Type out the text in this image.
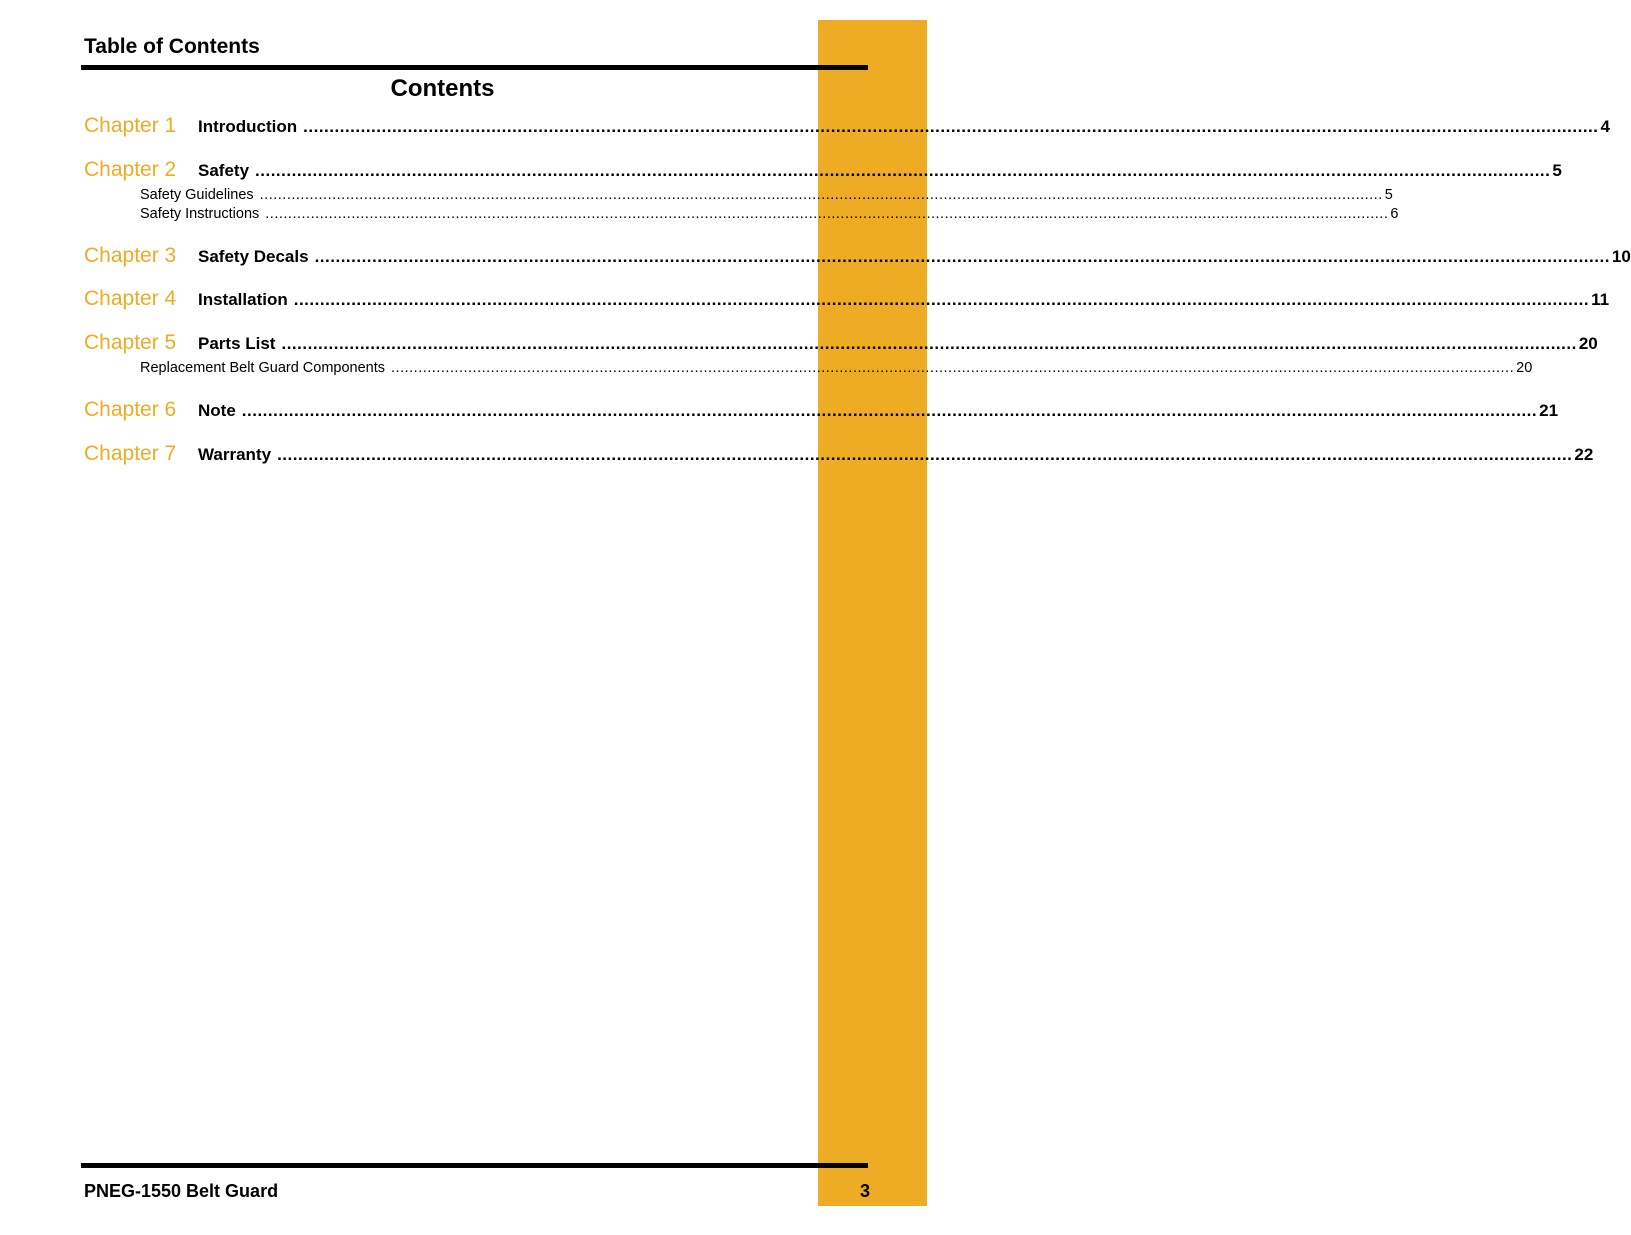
Table of Contents
Contents
Chapter 1	Introduction ........................................................................................................................................................................................................................................................ 4
Chapter 2	Safety ........................................................................................................................................................................................................................................................ 5
Safety Guidelines ........................................................................................................................................................................................................................................................ 5
Safety Instructions ........................................................................................................................................................................................................................................................ 6
Chapter 3	Safety Decals ........................................................................................................................................................................................................................................................ 10
Chapter 4	Installation ........................................................................................................................................................................................................................................................ 11
Chapter 5	Parts List ........................................................................................................................................................................................................................................................ 20
Replacement Belt Guard Components ........................................................................................................................................................................................................................................................ 20
Chapter 6	Note ........................................................................................................................................................................................................................................................ 21
Chapter 7	Warranty ........................................................................................................................................................................................................................................................ 22
PNEG-1550 Belt Guard	3
